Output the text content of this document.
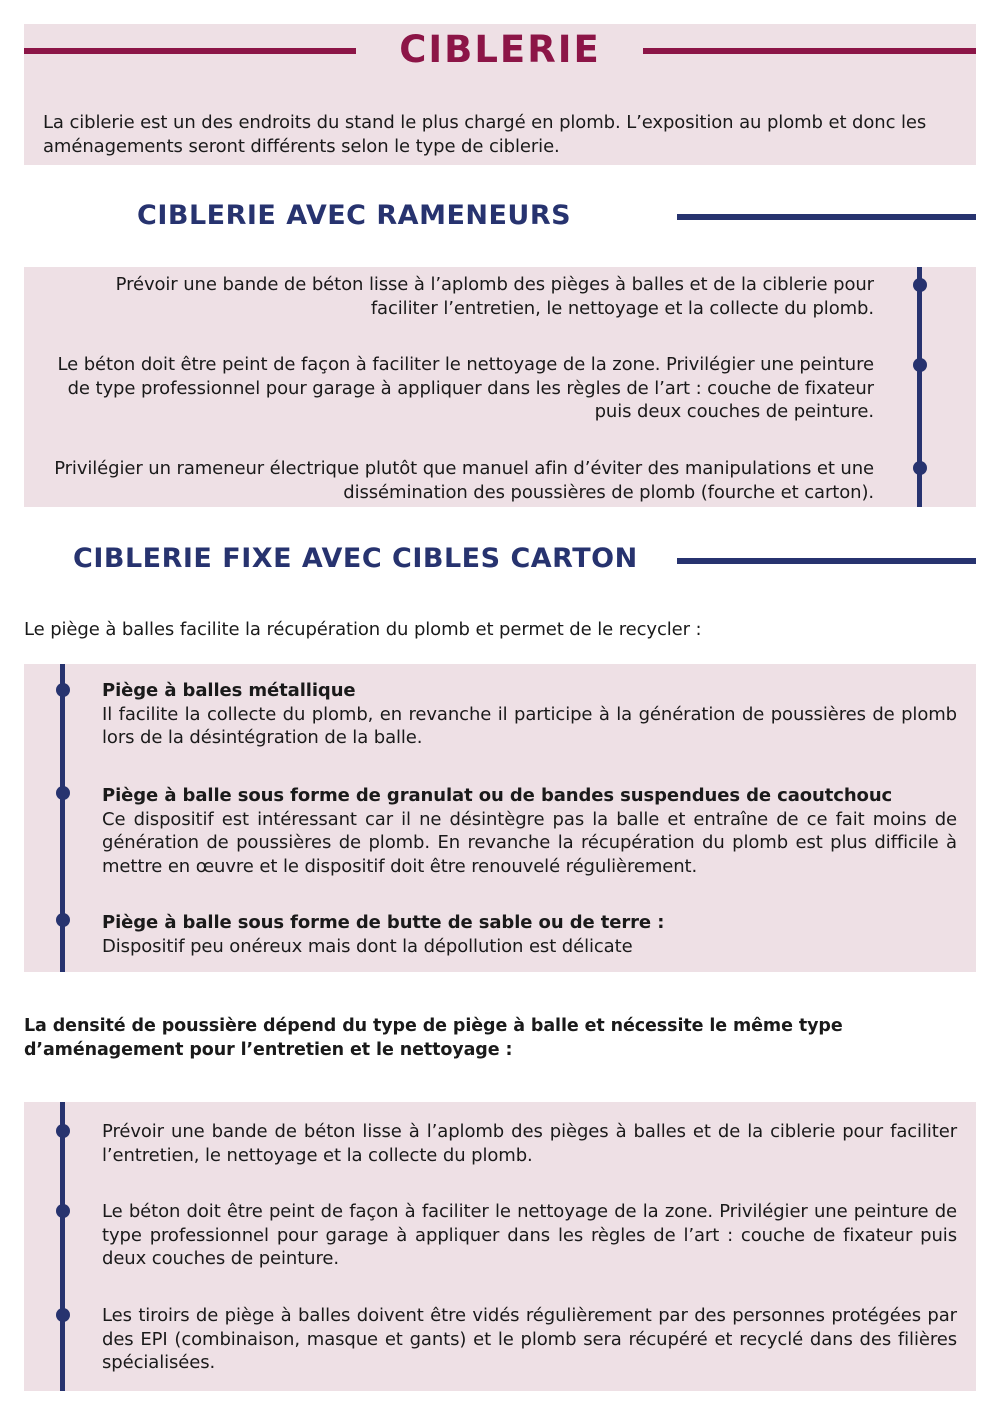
CIBLERIE
La ciblerie est un des endroits du stand le plus chargé en plomb. L’exposition au plomb et donc les aménagements seront différents selon le type de ciblerie.
CIBLERIE AVEC RAMENEURS
Prévoir une bande de béton lisse à l’aplomb des pièges à balles et de la ciblerie pour faciliter l’entretien, le nettoyage et la collecte du plomb.
Le béton doit être peint de façon à faciliter le nettoyage de la zone. Privilégier une peinture de type professionnel pour garage à appliquer dans les règles de l’art : couche de fixateur puis deux couches de peinture.
Privilégier un rameneur électrique plutôt que manuel afin d’éviter des manipulations et une dissémination des poussières de plomb (fourche et carton).
CIBLERIE FIXE AVEC CIBLES CARTON
Le piège à balles facilite la récupération du plomb et permet de le recycler :
Piège à balles métallique
Il facilite la collecte du plomb, en revanche il participe à la génération de poussières de plomb lors de la désintégration de la balle.
Piège à balle sous forme de granulat ou de bandes suspendues de caoutchouc
Ce dispositif est intéressant car il ne désintègre pas la balle et entraîne de ce fait moins de génération de poussières de plomb. En revanche la récupération du plomb est plus difficile à mettre en œuvre et le dispositif doit être renouvelé régulièrement.
Piège à balle sous forme de butte de sable ou de terre :
Dispositif peu onéreux mais dont la dépollution est délicate
La densité de poussière dépend du type de piège à balle et nécessite le même type d’aménagement pour l’entretien et le nettoyage :
Prévoir une bande de béton lisse à l’aplomb des pièges à balles et de la ciblerie pour faciliter l’entretien, le nettoyage et la collecte du plomb.
Le béton doit être peint de façon à faciliter le nettoyage de la zone. Privilégier une peinture de type professionnel pour garage à appliquer dans les règles de l’art : couche de fixateur puis deux couches de peinture.
Les tiroirs de piège à balles doivent être vidés régulièrement par des personnes protégées par des EPI (combinaison, masque et gants) et le plomb sera récupéré et recyclé dans des filières spécialisées.
